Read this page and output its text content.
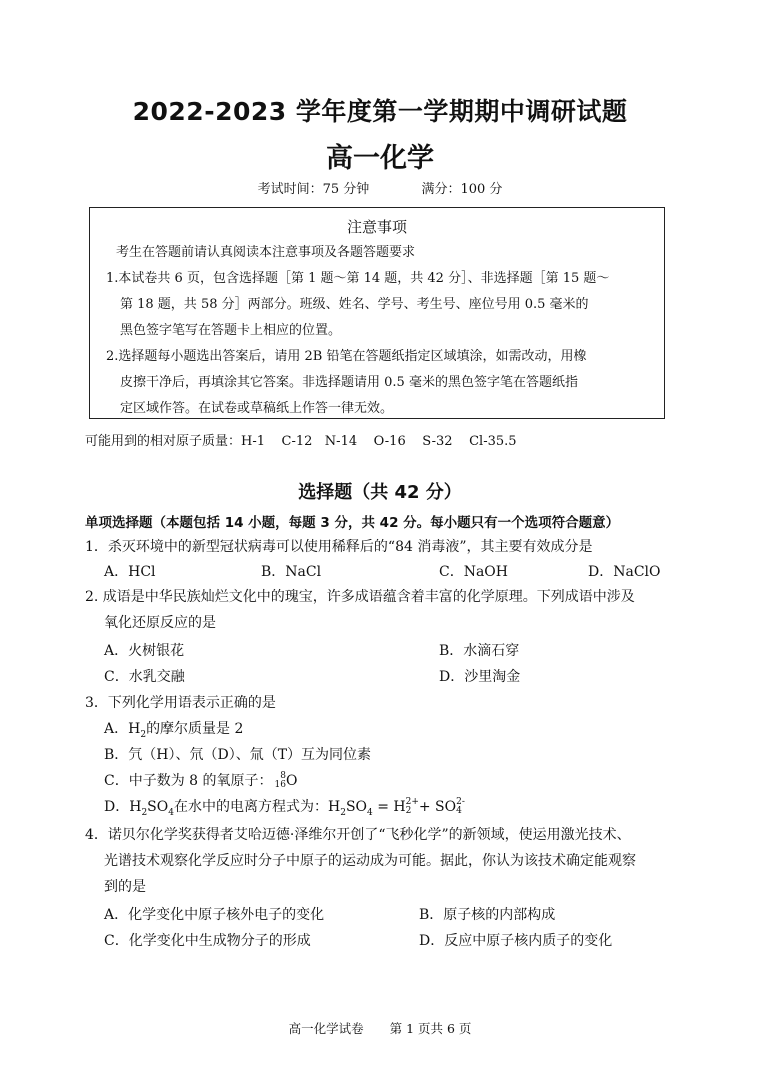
2022-2023 学年度第一学期期中调研试题
高一化学
考试时间：75 分钟	满分：100 分
注意事项
考生在答题前请认真阅读本注意事项及各题答题要求
1.本试卷共 6 页，包含选择题［第 1 题～第 14 题，共 42 分］、非选择题［第 15 题～
第 18 题，共 58 分］两部分。班级、姓名、学号、考生号、座位号用 0.5 毫米的
黑色签字笔写在答题卡上相应的位置。
2.选择题每小题选出答案后，请用 2B 铅笔在答题纸指定区域填涂，如需改动，用橡
皮擦干净后，再填涂其它答案。非选择题请用 0.5 毫米的黑色签字笔在答题纸指
定区域作答。在试卷或草稿纸上作答一律无效。
可能用到的相对原子质量：H-1    C-12   N-14    O-16    S-32    Cl-35.5
选择题（共 42 分）
单项选择题（本题包括 14 小题，每题 3 分，共 42 分。每小题只有一个选项符合题意）
1．杀灭环境中的新型冠状病毒可以使用稀释后的“84 消毒液”，其主要有效成分是
A．HCl	B．NaCl	C．NaOH	D．NaClO
2. 成语是中华民族灿烂文化中的瑰宝，许多成语蕴含着丰富的化学原理。下列成语中涉及
氧化还原反应的是
A．火树银花	B．水滴石穿
C．水乳交融	D．沙里淘金
3．下列化学用语表示正确的是
A．$H_2$的摩尔质量是 2
B．氕（H）、氘（D）、氚（T）互为同位素
C．中子数为 8 的氧原子： 8
16 O
D．$H_2SO_4$在水中的电离方程式为：$H_2SO_4 = H$ 2+
2 + SO 2-
4
4．诺贝尔化学奖获得者艾哈迈德·泽维尔开创了“飞秒化学”的新领域，使运用激光技术、
光谱技术观察化学反应时分子中原子的运动成为可能。据此，你认为该技术确定能观察
到的是
A．化学变化中原子核外电子的变化	B．原子核的内部构成
C．化学变化中生成物分子的形成	D．反应中原子核内质子的变化
高一化学试卷 第 1 页共 6 页
